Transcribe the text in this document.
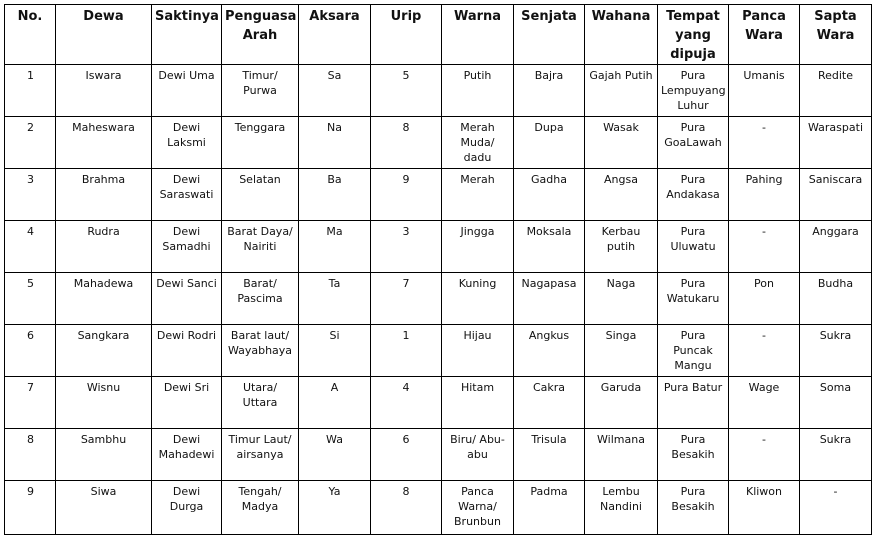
No.	Dewa	Saktinya	Penguasa Arah	Aksara	Urip	Warna	Senjata	Wahana	Tempat yang dipuja	Panca Wara	Sapta Wara
1	Iswara	Dewi Uma	Timur/ Purwa	Sa	5	Putih	Bajra	Gajah Putih	Pura Lempuyang Luhur	Umanis	Redite
2	Maheswara	Dewi Laksmi	Tenggara	Na	8	Merah Muda/ dadu	Dupa	Wasak	Pura GoaLawah	-	Waraspati
3	Brahma	Dewi Saraswati	Selatan	Ba	9	Merah	Gadha	Angsa	Pura Andakasa	Pahing	Saniscara
4	Rudra	Dewi Samadhi	Barat Daya/ Nairiti	Ma	3	Jingga	Moksala	Kerbau putih	Pura Uluwatu	-	Anggara
5	Mahadewa	Dewi Sanci	Barat/ Pascima	Ta	7	Kuning	Nagapasa	Naga	Pura Watukaru	Pon	Budha
6	Sangkara	Dewi Rodri	Barat laut/ Wayabhaya	Si	1	Hijau	Angkus	Singa	Pura Puncak Mangu	-	Sukra
7	Wisnu	Dewi Sri	Utara/ Uttara	A	4	Hitam	Cakra	Garuda	Pura Batur	Wage	Soma
8	Sambhu	Dewi Mahadewi	Timur Laut/ airsanya	Wa	6	Biru/ Abu-abu	Trisula	Wilmana	Pura Besakih	-	Sukra
9	Siwa	Dewi Durga	Tengah/ Madya	Ya	8	Panca Warna/ Brunbun	Padma	Lembu Nandini	Pura Besakih	Kliwon	-
